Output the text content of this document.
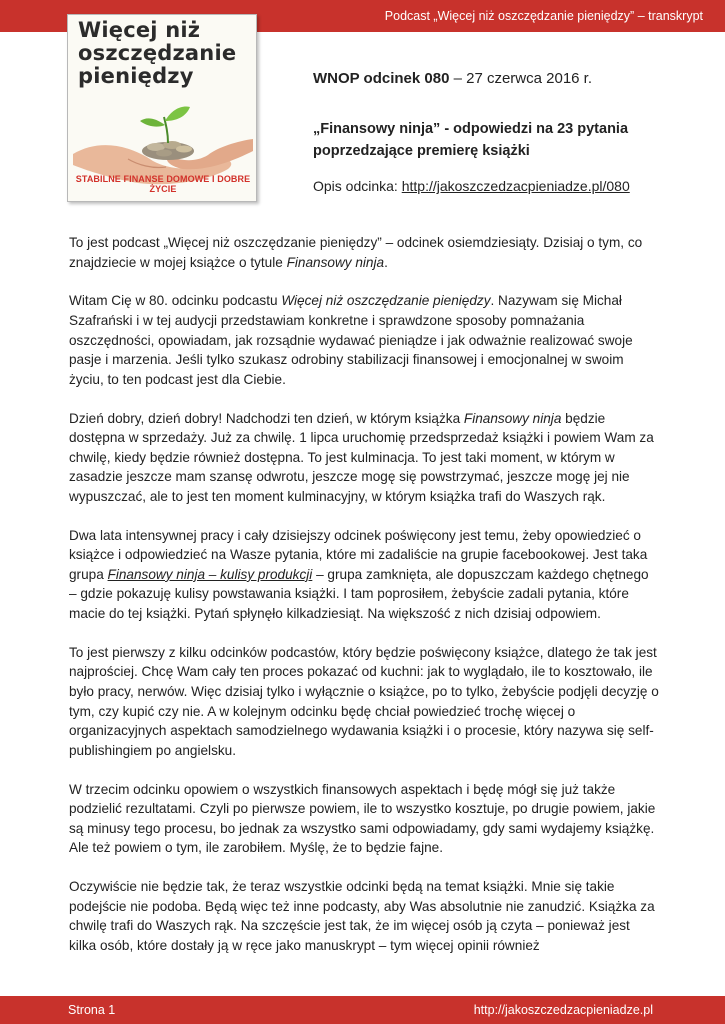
Podcast „Więcej niż oszczędzanie pieniędzy” – transkrypt
Więcej niż
oszczędzanie
pieniędzy
STABILNE FINANSE DOMOWE I DOBRE ŻYCIE
WNOP odcinek 080 – 27 czerwca 2016 r.
„Finansowy ninja” - odpowiedzi na 23 pytania
poprzedzające premierę książki
Opis odcinka: http://jakoszczedzacpieniadze.pl/080

To jest podcast „Więcej niż oszczędzanie pieniędzy” – odcinek osiemdziesiąty. Dzisiaj o tym, co znajdziecie w mojej książce o tytule Finansowy ninja.

Witam Cię w 80. odcinku podcastu Więcej niż oszczędzanie pieniędzy. Nazywam się Michał Szafrański i w tej audycji przedstawiam konkretne i sprawdzone sposoby pomnażania oszczędności, opowiadam, jak rozsądnie wydawać pieniądze i jak odważnie realizować swoje pasje i marzenia. Jeśli tylko szukasz odrobiny stabilizacji finansowej i emocjonalnej w swoim życiu, to ten podcast jest dla Ciebie.

Dzień dobry, dzień dobry! Nadchodzi ten dzień, w którym książka Finansowy ninja będzie dostępna w sprzedaży. Już za chwilę. 1 lipca uruchomię przedsprzedaż książki i powiem Wam za chwilę, kiedy będzie również dostępna. To jest kulminacja. To jest taki moment, w którym w zasadzie jeszcze mam szansę odwrotu, jeszcze mogę się powstrzymać, jeszcze mogę jej nie wypuszczać, ale to jest ten moment kulminacyjny, w którym książka trafi do Waszych rąk.

Dwa lata intensywnej pracy i cały dzisiejszy odcinek poświęcony jest temu, żeby opowiedzieć o książce i odpowiedzieć na Wasze pytania, które mi zadaliście na grupie facebookowej. Jest taka grupa Finansowy ninja – kulisy produkcji – grupa zamknięta, ale dopuszczam każdego chętnego – gdzie pokazuję kulisy powstawania książki. I tam poprosiłem, żebyście zadali pytania, które macie do tej książki. Pytań spłynęło kilkadziesiąt. Na większość z nich dzisiaj odpowiem.

To jest pierwszy z kilku odcinków podcastów, który będzie poświęcony książce, dlatego że tak jest najprościej. Chcę Wam cały ten proces pokazać od kuchni: jak to wyglądało, ile to kosztowało, ile było pracy, nerwów. Więc dzisiaj tylko i wyłącznie o książce, po to tylko, żebyście podjęli decyzję o tym, czy kupić czy nie. A w kolejnym odcinku będę chciał powiedzieć trochę więcej o organizacyjnych aspektach samodzielnego wydawania książki i o procesie, który nazywa się self-publishingiem po angielsku.

W trzecim odcinku opowiem o wszystkich finansowych aspektach i będę mógł się już także podzielić rezultatami. Czyli po pierwsze powiem, ile to wszystko kosztuje, po drugie powiem, jakie są minusy tego procesu, bo jednak za wszystko sami odpowiadamy, gdy sami wydajemy książkę. Ale też powiem o tym, ile zarobiłem. Myślę, że to będzie fajne.

Oczywiście nie będzie tak, że teraz wszystkie odcinki będą na temat książki. Mnie się takie podejście nie podoba. Będą więc też inne podcasty, aby Was absolutnie nie zanudzić. Książka za chwilę trafi do Waszych rąk. Na szczęście jest tak, że im więcej osób ją czyta – ponieważ jest kilka osób, które dostały ją w ręce jako manuskrypt – tym więcej opinii również

Strona 1	http://jakoszczedzacpieniadze.pl
